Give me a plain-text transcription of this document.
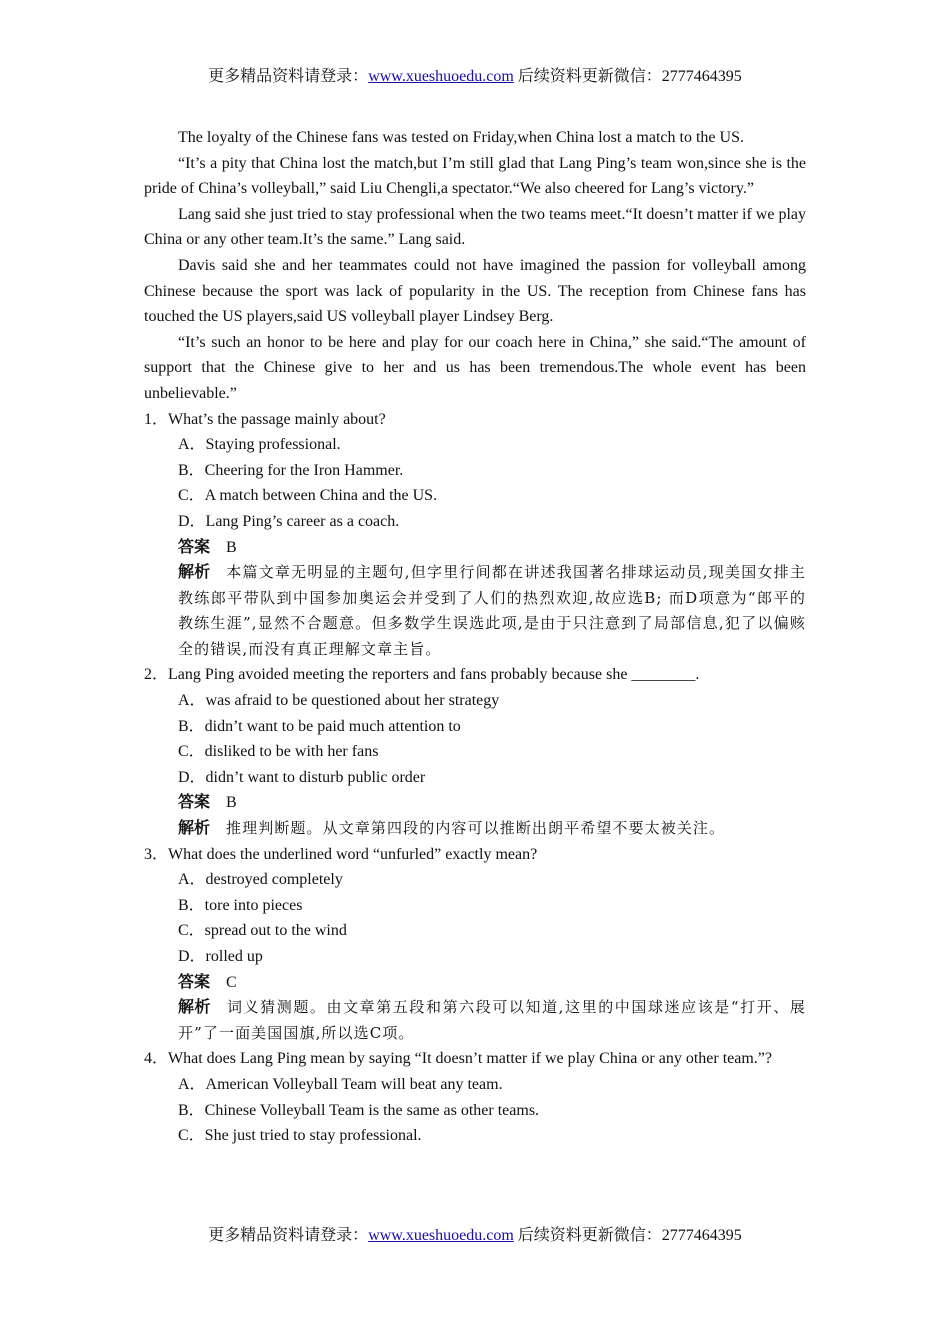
更多精品资料请登录：www.xueshuoedu.com 后续资料更新微信：2777464395

The loyalty of the Chinese fans was tested on Friday,when China lost a match to the US.

“It’s a pity that China lost the match,but I’m still glad that Lang Ping’s team won,since she is the pride of China’s volleyball,” said Liu Chengli,a spectator.“We also cheered for Lang’s victory.”

Lang said she just tried to stay professional when the two teams meet.“It doesn’t matter if we play China or any other team.It’s the same.” Lang said.

Davis said she and her teammates could not have imagined the passion for volleyball among Chinese because the sport was lack of popularity in the US. The reception from Chinese fans has touched the US players,said US volleyball player Lindsey Berg.

“It’s such an honor to be here and play for our coach here in China,” she said.“The amount of support that the Chinese give to her and us has been tremendous.The whole event has been unbelievable.”

1．What’s the passage mainly about?
A．Staying professional.
B．Cheering for the Iron Hammer.
C．A match between China and the US.
D．Lang Ping’s career as a coach.
答案 B
解析 本篇文章无明显的主题句,但字里行间都在讲述我国著名排球运动员,现美国女排主教练郎平带队到中国参加奥运会并受到了人们的热烈欢迎,故应选B; 而D项意为“郎平的教练生涯”,显然不合题意。但多数学生误选此项,是由于只注意到了局部信息,犯了以偏赅全的错误,而没有真正理解文章主旨。
2．Lang Ping avoided meeting the reporters and fans probably because she ________.
A．was afraid to be questioned about her strategy
B．didn’t want to be paid much attention to
C．disliked to be with her fans
D．didn’t want to disturb public order
答案 B
解析 推理判断题。从文章第四段的内容可以推断出朗平希望不要太被关注。
3．What does the underlined word “unfurled” exactly mean?
A．destroyed completely
B．tore into pieces
C．spread out to the wind
D．rolled up
答案 C
解析 词义猜测题。由文章第五段和第六段可以知道,这里的中国球迷应该是“打开、展开”了一面美国国旗,所以选C项。
4．What does Lang Ping mean by saying “It doesn’t matter if we play China or any other team.”?
A．American Volleyball Team will beat any team.
B．Chinese Volleyball Team is the same as other teams.
C．She just tried to stay professional.
更多精品资料请登录：www.xueshuoedu.com 后续资料更新微信：2777464395
